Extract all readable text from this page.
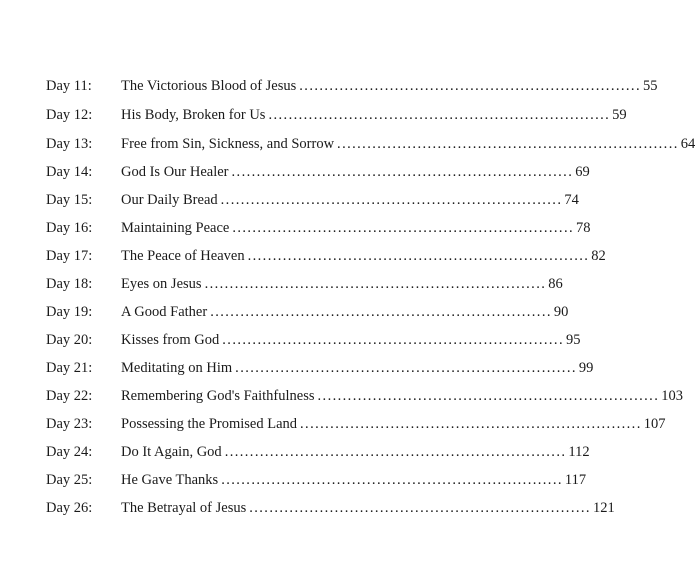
Day 11: The Victorious Blood of Jesus .................................................................... 55
Day 12: His Body, Broken for Us .................................................................... 59
Day 13: Free from Sin, Sickness, and Sorrow .................................................................... 64
Day 14: God Is Our Healer .................................................................... 69
Day 15: Our Daily Bread .................................................................... 74
Day 16: Maintaining Peace .................................................................... 78
Day 17: The Peace of Heaven .................................................................... 82
Day 18: Eyes on Jesus .................................................................... 86
Day 19: A Good Father .................................................................... 90
Day 20: Kisses from God .................................................................... 95
Day 21: Meditating on Him .................................................................... 99
Day 22: Remembering God's Faithfulness .................................................................... 103
Day 23: Possessing the Promised Land .................................................................... 107
Day 24: Do It Again, God .................................................................... 112
Day 25: He Gave Thanks .................................................................... 117
Day 26: The Betrayal of Jesus .................................................................... 121
